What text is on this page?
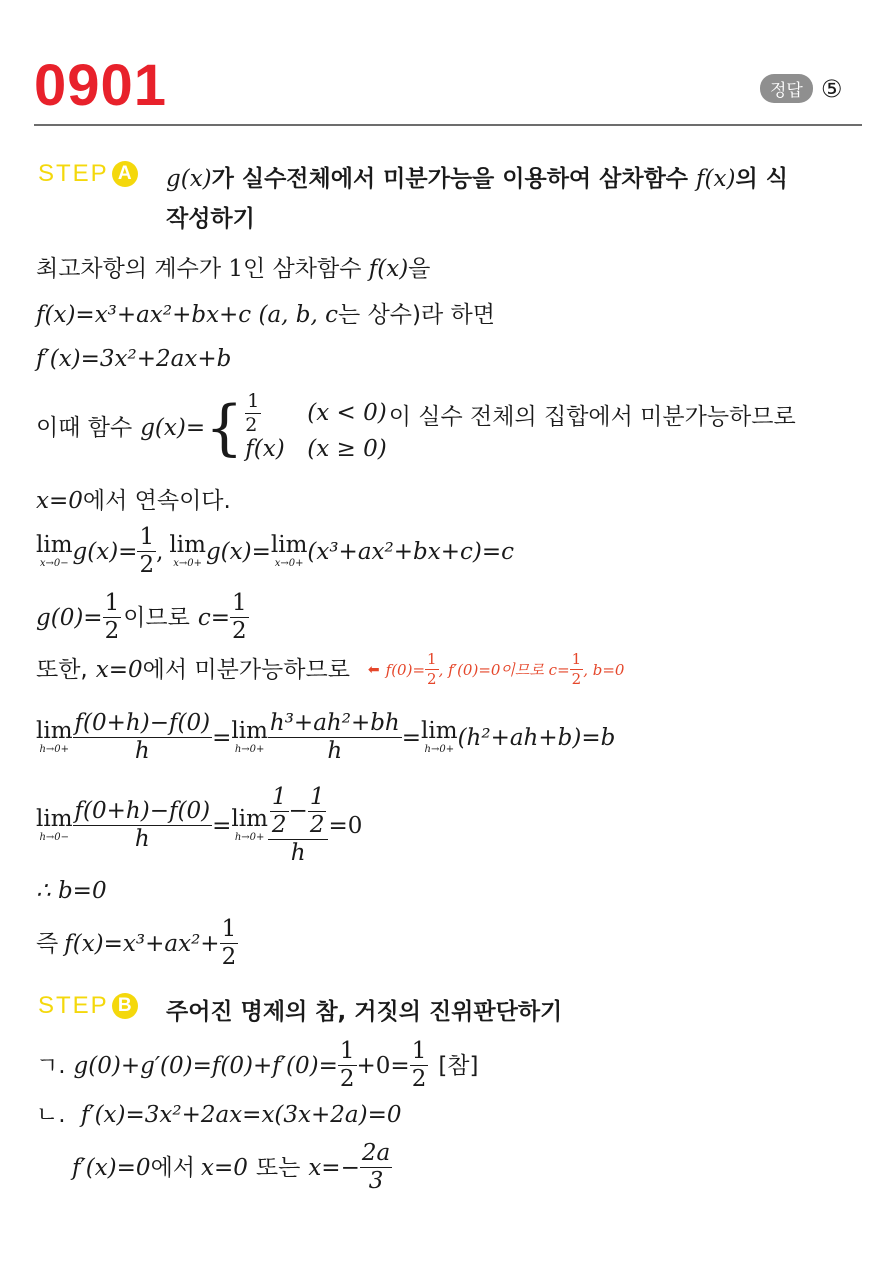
0901	정답 ⑤
STEP A g(x)가 실수전체에서 미분가능을 이용하여 삼차함수 f(x)의 식
작성하기
최고차항의 계수가 1인 삼차함수 f(x)을
f(x)=x³+ax²+bx+c (a, b, c는 상수)라 하면
f′(x)=3x²+2ax+b
이때 함수 g(x)= { $\frac{1}{2} (x < 0)$
f(x) (x ≥ 0)
이 실수 전체의 집합에서 미분가능하므로
x=0에서 연속이다.
lim
$x\to 0- g(x)= \frac{1}{2}$ , lim
x→0+ g(x)= lim
x→0+ (x³+ax²+bx+c)=c
$g(0)= \frac{1}{2}$ 이므로 $c= \frac{1}{2}$
또한, x=0 에서 미분가능하므로 ⬅ $f(0)= \frac{1}{2}$ , f′(0)=0이므로 $c= \frac{1}{2}$ , b=0
lim
$h\to 0+ \frac{f(0+h)-f(0)}{h} = \lim$
$h\to 0+ \frac{\text{h³+ah²+bh}}{h} = \lim$
h→0+ (h²+ah+b)=b
lim
$h\to 0- \frac{f(0+h)-f(0)}{h} = \lim$
$h\to 0+ \frac{\frac{1}{2} - \frac{1}{2}}{h} =0$
∴ b=0
즉 $f(x)=x^3+ax^2+ \frac{1}{2}$
STEP B 주어진 명제의 참, 거짓의 진위판단하기
ㄱ. $g(0)+g'(0)=f(0)+f'(0)= \frac{1}{2} +0= \frac{1}{2}$ [참]
ㄴ. f′(x)=3x²+2ax=x(3x+2a)=0
f′(x)=0 에서 x=0 또는 $x=- \frac{2a}{3}$
